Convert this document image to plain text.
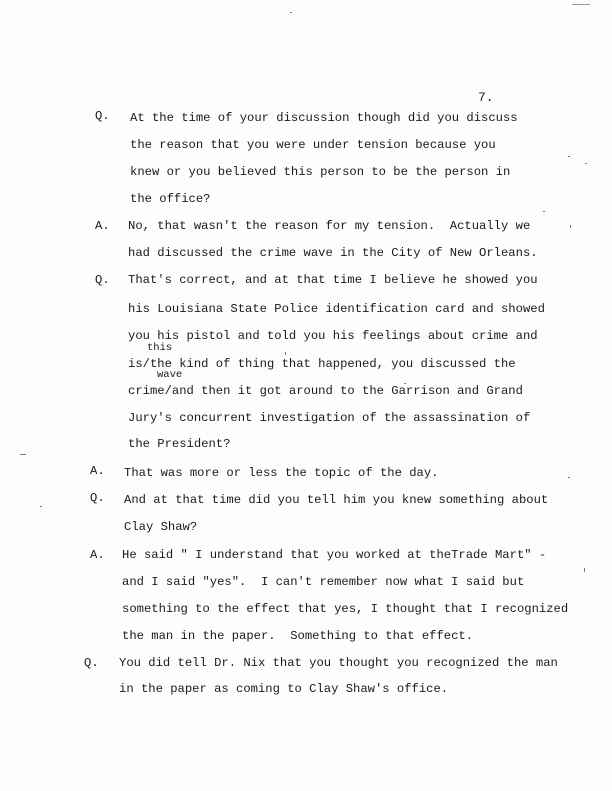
7.
Q. At the time of your discussion though did you discuss
the reason that you were under tension because you
knew or you believed this person to be the person in
the office?
A. No, that wasn't the reason for my tension.  Actually we
had discussed the crime wave in the City of New Orleans.
Q. That's correct, and at that time I believe he showed you
his Louisiana State Police identification card and showed
you his pistol and told you his feelings about crime and
this
is/the kind of thing that happened, you discussed the
wave
crime/and then it got around to the Garrison and Grand
Jury's concurrent investigation of the assassination of
the President?
A. That was more or less the topic of the day.
Q. And at that time did you tell him you knew something about
Clay Shaw?
A. He said " I understand that you worked at theTrade Mart" -
and I said "yes".  I can't remember now what I said but
something to the effect that yes, I thought that I recognized
the man in the paper.  Something to that effect.
Q. You did tell Dr. Nix that you thought you recognized the man
in the paper as coming to Clay Shaw's office.
